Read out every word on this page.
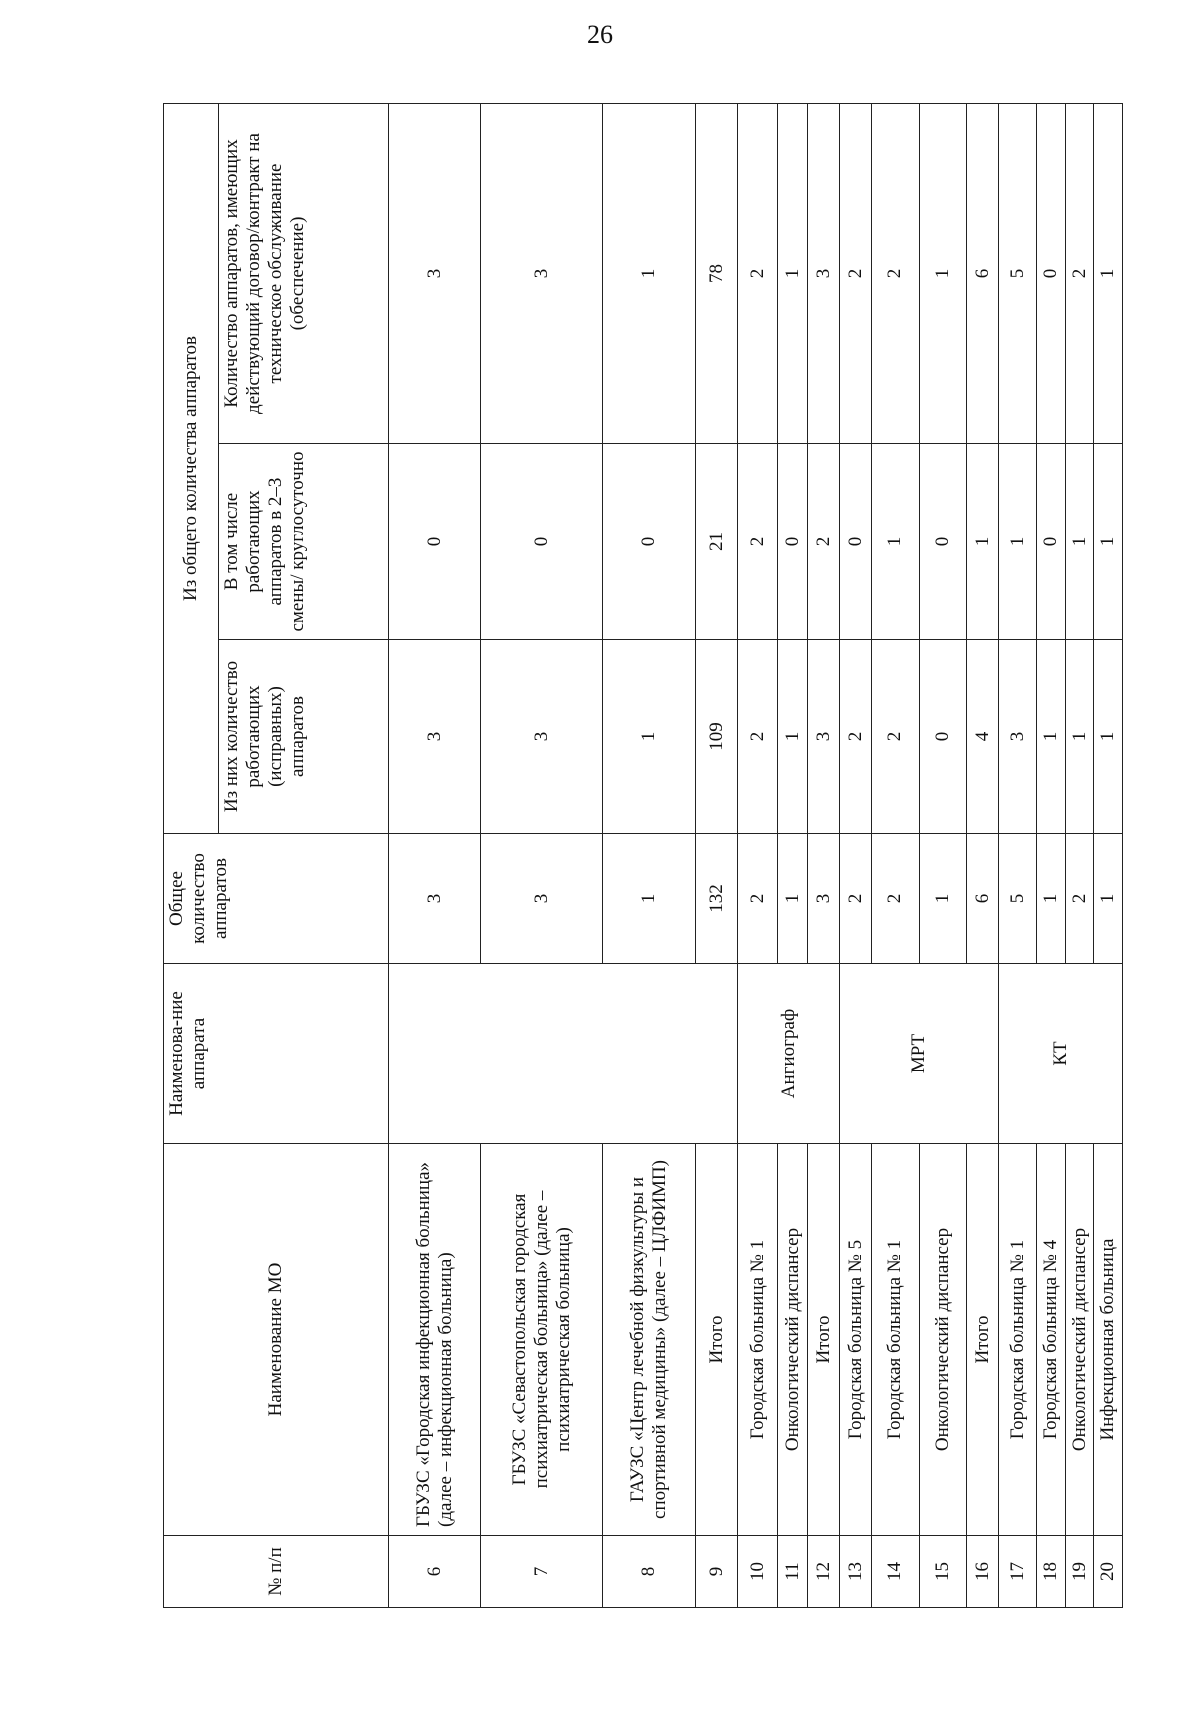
26
№ п/п	Наименование МО	Наименова-ние аппарата	Общее количество аппаратов	Из общего количества аппаратов		
				Из них количество работающих (исправных) аппаратов	В том числе работающих аппаратов в 2–3 смены/ круглосуточно	Количество аппаратов, имеющих действующий договор/контракт на техническое обслуживание (обеспечение)
6	ГБУЗС «Городская инфекционная больница» (далее – инфекционная больница)		3	3	0	3
7	ГБУЗС «Севастопольская городская психиатрическая больница» (далее – психиатрическая больница)		3	3	0	3
8	ГАУЗС «Центр лечебной физкультуры и спортивной медицины» (далее – ЦЛФИМП)		1	1	0	1
9	Итого		132	109	21	78
10	Городская больница № 1	Ангиограф	2	2	2	2
11	Онкологический диспансер		1	1	0	1
12	Итого		3	3	2	3
13	Городская больница № 5	МРТ	2	2	0	2
14	Городская больница № 1		2	2	1	2
15	Онкологический диспансер		1	0	0	1
16	Итого		6	4	1	6
17	Городская больница № 1	КТ	5	3	1	5
18	Городская больница № 4		1	1	0	0
19	Онкологический диспансер		2	1	1	2
20	Инфекционная больница		1	1	1	1
